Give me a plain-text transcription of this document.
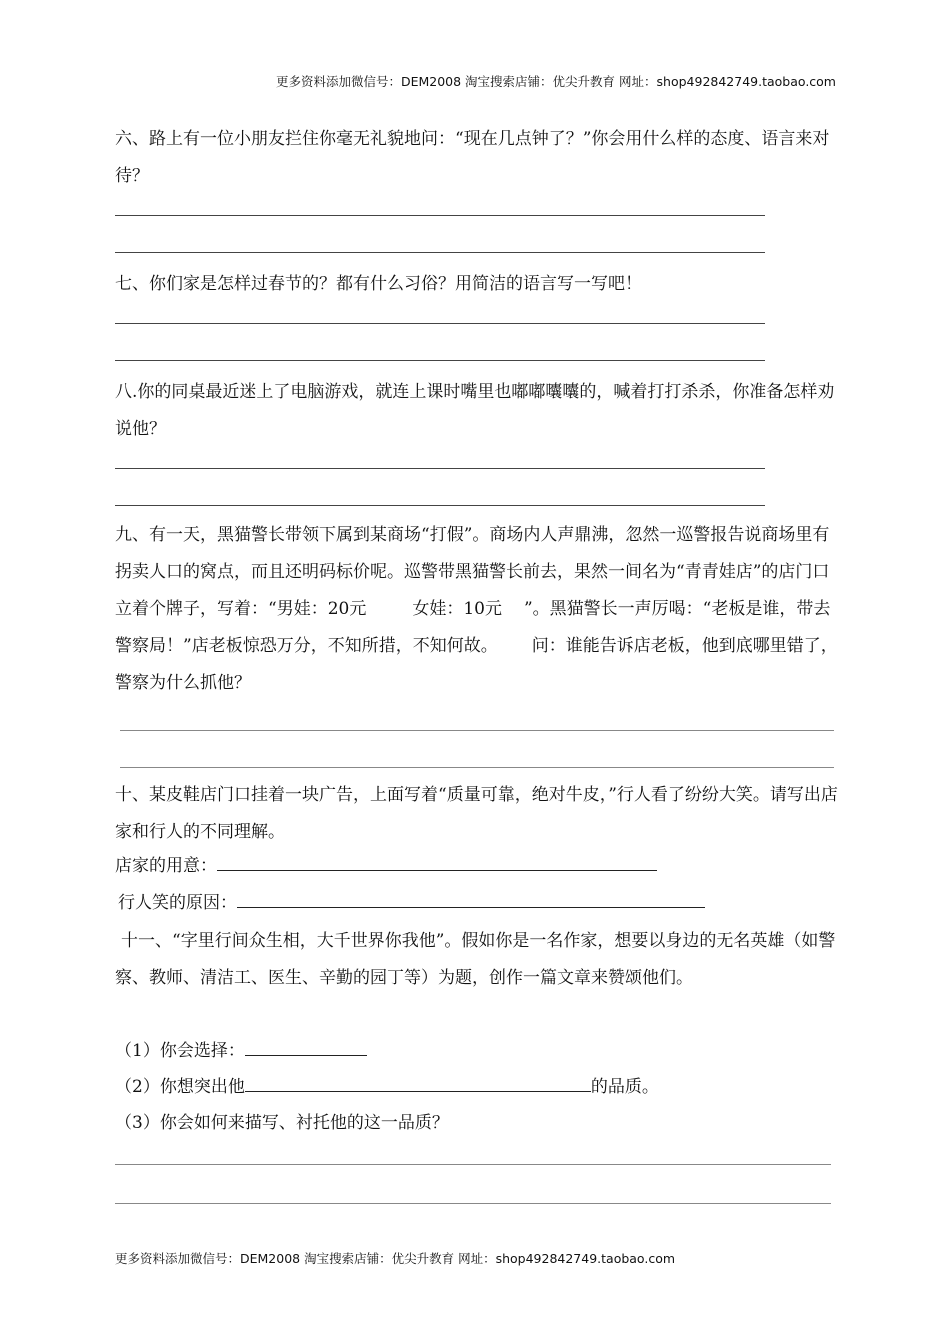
更多资料添加微信号：DEM2008 淘宝搜索店铺：优尖升教育 网址：shop492842749.taobao.com
六、路上有一位小朋友拦住你毫无礼貌地问：“现在几点钟了？”你会用什么样的态度、语言来对待？
七、你们家是怎样过春节的？都有什么习俗？用简洁的语言写一写吧！
八.你的同桌最近迷上了电脑游戏，就连上课时嘴里也嘟嘟囔囔的，喊着打打杀杀，你准备怎样劝说他？
九、有一天，黑猫警长带领下属到某商场“打假”。商场内人声鼎沸，忽然一巡警报告说商场里有拐卖人口的窝点，而且还明码标价呢。巡警带黑猫警长前去，果然一间名为“青青娃店”的店门口立着个牌子，写着：“男娃：20元	女娃：10元 ”。黑猫警长一声厉喝：“老板是谁，带去警察局！”店老板惊恐万分，不知所措，不知何故。 问：谁能告诉店老板，他到底哪里错了，警察为什么抓他？
十、某皮鞋店门口挂着一块广告，上面写着“质量可靠，绝对牛皮，”行人看了纷纷大笑。请写出店家和行人的不同理解。
店家的用意：
行人笑的原因：
十一、“字里行间众生相，大千世界你我他”。假如你是一名作家，想要以身边的无名英雄（如警察、教师、清洁工、医生、辛勤的园丁等）为题，创作一篇文章来赞颂他们。
（1）你会选择：
（2）你想突出他	的品质。
（3）你会如何来描写、衬托他的这一品质？
更多资料添加微信号：DEM2008 淘宝搜索店铺：优尖升教育 网址：shop492842749.taobao.com
